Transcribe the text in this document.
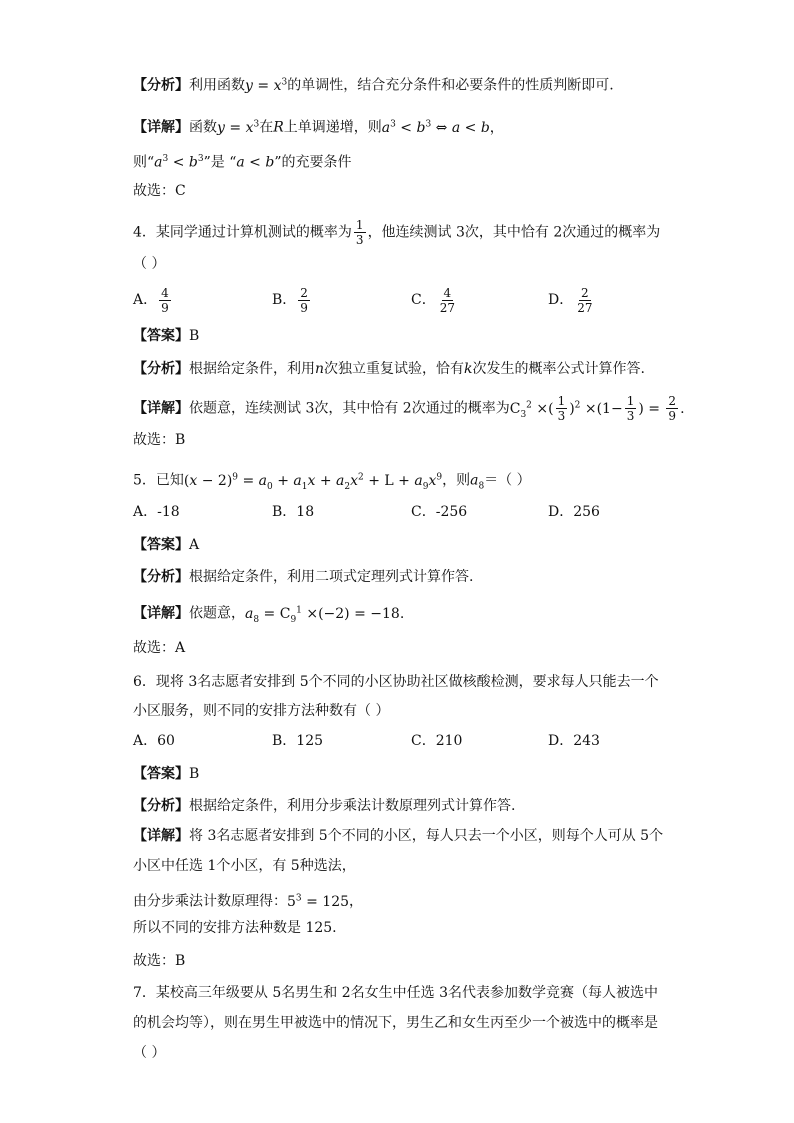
【分析】利用函数$y = x^3$的单调性，结合充分条件和必要条件的性质判断即可.
【详解】函数$y = x^3$在R上单调递增，则$a^3 < b^3$ ⇔ a < b，
则“$a^3 < b^3$”是 “a < b”的充要条件
故选：C
4．某同学通过计算机测试的概率为 $\frac{1}{3}$ ，他连续测试 3次，其中恰有 2次通过的概率为
（ ）
A． $\frac{4}{9}$	B． $\frac{2}{9}$	C． $\frac{4}{27}$	D． $\frac{2}{27}$
【答案】B
【分析】根据给定条件，利用n次独立重复试验，恰有k次发生的概率公式计算作答.
【详解】依题意，连续测试 3次，其中恰有 2次通过的概率为$C_3^2$ ×( $\frac{1}{3} )^2 \times(1- \frac{1}{3}$ ) = $\frac{2}{9}$ .
故选：B
5．已知$(x - 2)^9 = a_0 + a_1x + a_2x^2 + L + a_9x^9$，则$a_8=$（ ）
A．-18	B．18	C．-256	D．256
【答案】A
【分析】根据给定条件，利用二项式定理列式计算作答.
【详解】依题意，$a_8 = C_9^1 \times(-2) = -18$.
故选：A
6．现将 3名志愿者安排到 5个不同的小区协助社区做核酸检测，要求每人只能去一个
小区服务，则不同的安排方法种数有（ ）
A．60	B．125	C．210	D．243
【答案】B
【分析】根据给定条件，利用分步乘法计数原理列式计算作答.
【详解】将 3名志愿者安排到 5个不同的小区，每人只去一个小区，则每个人可从 5个
小区中任选 1个小区，有 5种选法，
由分步乘法计数原理得：$5^3 = 125$，
所以不同的安排方法种数是 125.
故选：B
7．某校高三年级要从 5名男生和 2名女生中任选 3名代表参加数学竞赛（每人被选中
的机会均等），则在男生甲被选中的情况下，男生乙和女生丙至少一个被选中的概率是
（ ）
